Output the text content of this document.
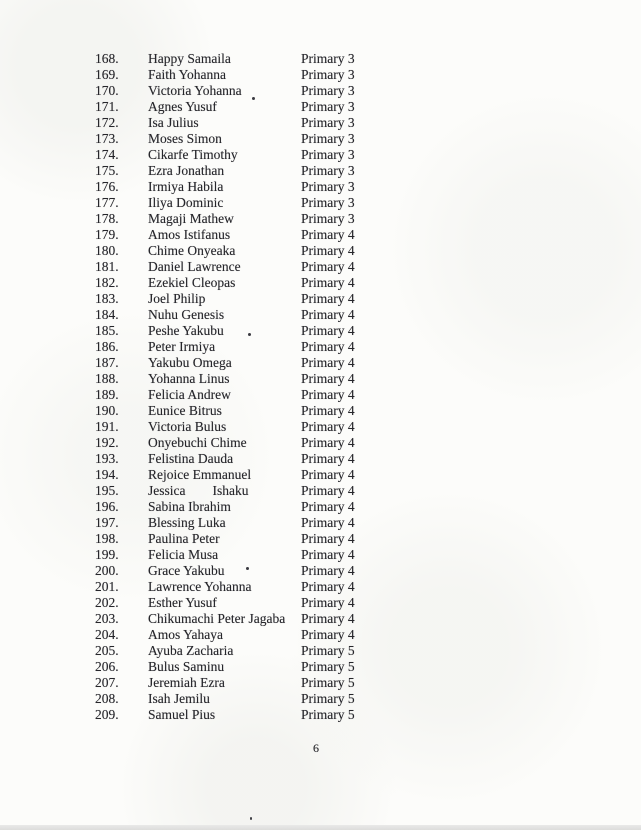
168.	Happy Samaila	Primary 3
169.	Faith Yohanna	Primary 3
170.	Victoria Yohanna	Primary 3
171.	Agnes Yusuf	Primary 3
172.	Isa Julius	Primary 3
173.	Moses Simon	Primary 3
174.	Cikarfe Timothy	Primary 3
175.	Ezra Jonathan	Primary 3
176.	Irmiya Habila	Primary 3
177.	Iliya Dominic	Primary 3
178.	Magaji Mathew	Primary 3
179.	Amos Istifanus	Primary 4
180.	Chime Onyeaka	Primary 4
181.	Daniel Lawrence	Primary 4
182.	Ezekiel Cleopas	Primary 4
183.	Joel Philip	Primary 4
184.	Nuhu Genesis	Primary 4
185.	Peshe Yakubu	Primary 4
186.	Peter Irmiya	Primary 4
187.	Yakubu Omega	Primary 4
188.	Yohanna Linus	Primary 4
189.	Felicia Andrew	Primary 4
190.	Eunice Bitrus	Primary 4
191.	Victoria Bulus	Primary 4
192.	Onyebuchi Chime	Primary 4
193.	Felistina Dauda	Primary 4
194.	Rejoice Emmanuel	Primary 4
195.	Jessica        Ishaku	Primary 4
196.	Sabina Ibrahim	Primary 4
197.	Blessing Luka	Primary 4
198.	Paulina Peter	Primary 4
199.	Felicia Musa	Primary 4
200.	Grace Yakubu	Primary 4
201.	Lawrence Yohanna	Primary 4
202.	Esther Yusuf	Primary 4
203.	Chikumachi Peter Jagaba	Primary 4
204.	Amos Yahaya	Primary 4
205.	Ayuba Zacharia	Primary 5
206.	Bulus Saminu	Primary 5
207.	Jeremiah Ezra	Primary 5
208.	Isah Jemilu	Primary 5
209.	Samuel Pius	Primary 5
6
